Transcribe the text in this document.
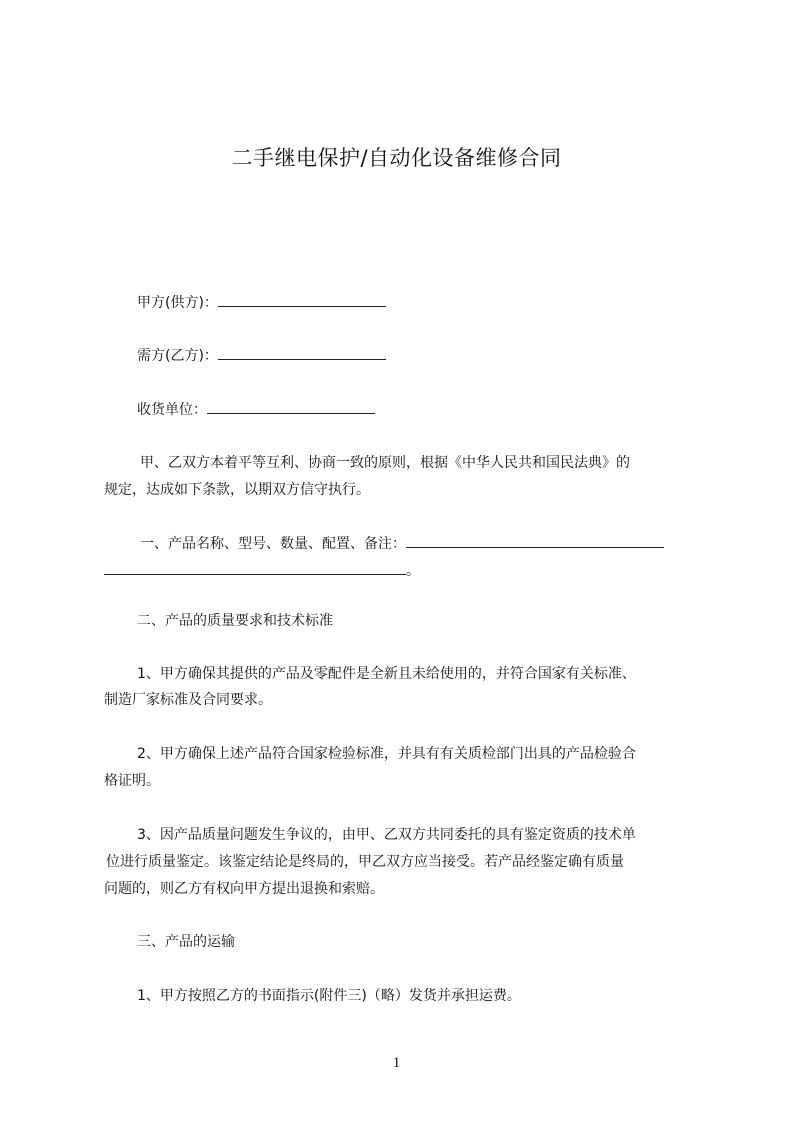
二手继电保护/自动化设备维修合同
甲方(供方)：
需方(乙方)：
收货单位：
甲、乙双方本着平等互利、协商一致的原则，根据《中华人民共和国民法典》的
规定，达成如下条款，以期双方信守执行。
一、产品名称、型号、数量、配置、备注：
。
二、产品的质量要求和技术标准
1、甲方确保其提供的产品及零配件是全新且未给使用的，并符合国家有关标准、
制造厂家标准及合同要求。
2、甲方确保上述产品符合国家检验标准，并具有有关质检部门出具的产品检验合
格证明。
3、因产品质量问题发生争议的，由甲、乙双方共同委托的具有鉴定资质的技术单
位进行质量鉴定。该鉴定结论是终局的，甲乙双方应当接受。若产品经鉴定确有质量
问题的，则乙方有权向甲方提出退换和索赔。
三、产品的运输
1、甲方按照乙方的书面指示(附件三)（略）发货并承担运费。
1
